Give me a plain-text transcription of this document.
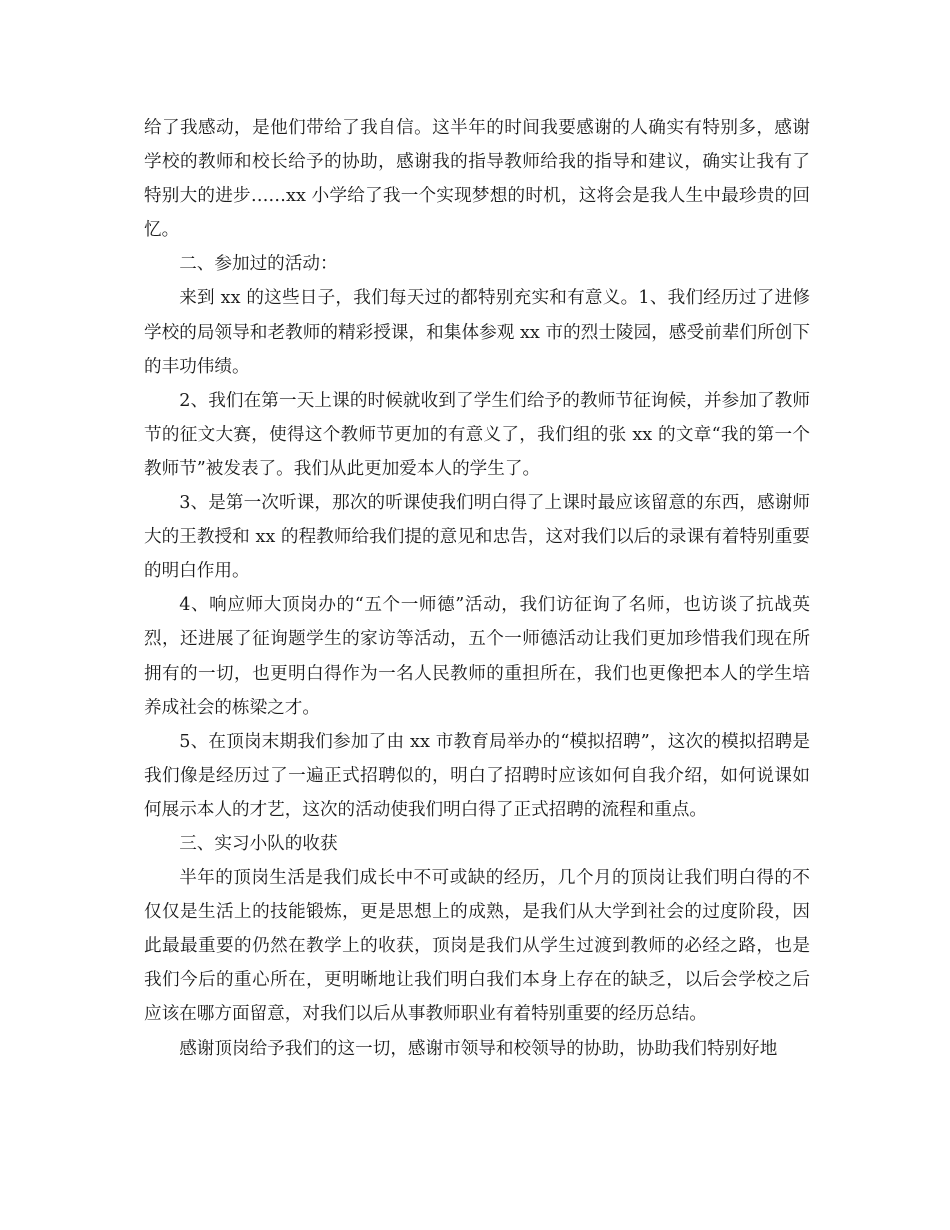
给了我感动，是他们带给了我自信。这半年的时间我要感谢的人确实有特别多，感谢学校的教师和校长给予的协助，感谢我的指导教师给我的指导和建议，确实让我有了特别大的进步……xx 小学给了我一个实现梦想的时机，这将会是我人生中最珍贵的回忆。

二、参加过的活动：

来到 xx 的这些日子，我们每天过的都特别充实和有意义。1、我们经历过了进修学校的局领导和老教师的精彩授课，和集体参观 xx 市的烈士陵园，感受前辈们所创下的丰功伟绩。

2、我们在第一天上课的时候就收到了学生们给予的教师节征询候，并参加了教师节的征文大赛，使得这个教师节更加的有意义了，我们组的张 xx 的文章“我的第一个教师节”被发表了。我们从此更加爱本人的学生了。

3、是第一次听课，那次的听课使我们明白得了上课时最应该留意的东西，感谢师大的王教授和 xx 的程教师给我们提的意见和忠告，这对我们以后的录课有着特别重要的明白作用。

4、响应师大顶岗办的“五个一师德”活动，我们访征询了名师，也访谈了抗战英烈，还进展了征询题学生的家访等活动，五个一师德活动让我们更加珍惜我们现在所拥有的一切，也更明白得作为一名人民教师的重担所在，我们也更像把本人的学生培养成社会的栋梁之才。

5、在顶岗末期我们参加了由 xx 市教育局举办的“模拟招聘”，这次的模拟招聘是我们像是经历过了一遍正式招聘似的，明白了招聘时应该如何自我介绍，如何说课如何展示本人的才艺，这次的活动使我们明白得了正式招聘的流程和重点。

三、实习小队的收获

半年的顶岗生活是我们成长中不可或缺的经历，几个月的顶岗让我们明白得的不仅仅是生活上的技能锻炼，更是思想上的成熟，是我们从大学到社会的过度阶段，因此最最重要的仍然在教学上的收获，顶岗是我们从学生过渡到教师的必经之路，也是我们今后的重心所在，更明晰地让我们明白我们本身上存在的缺乏，以后会学校之后应该在哪方面留意，对我们以后从事教师职业有着特别重要的经历总结。

感谢顶岗给予我们的这一切，感谢市领导和校领导的协助，协助我们特别好地
